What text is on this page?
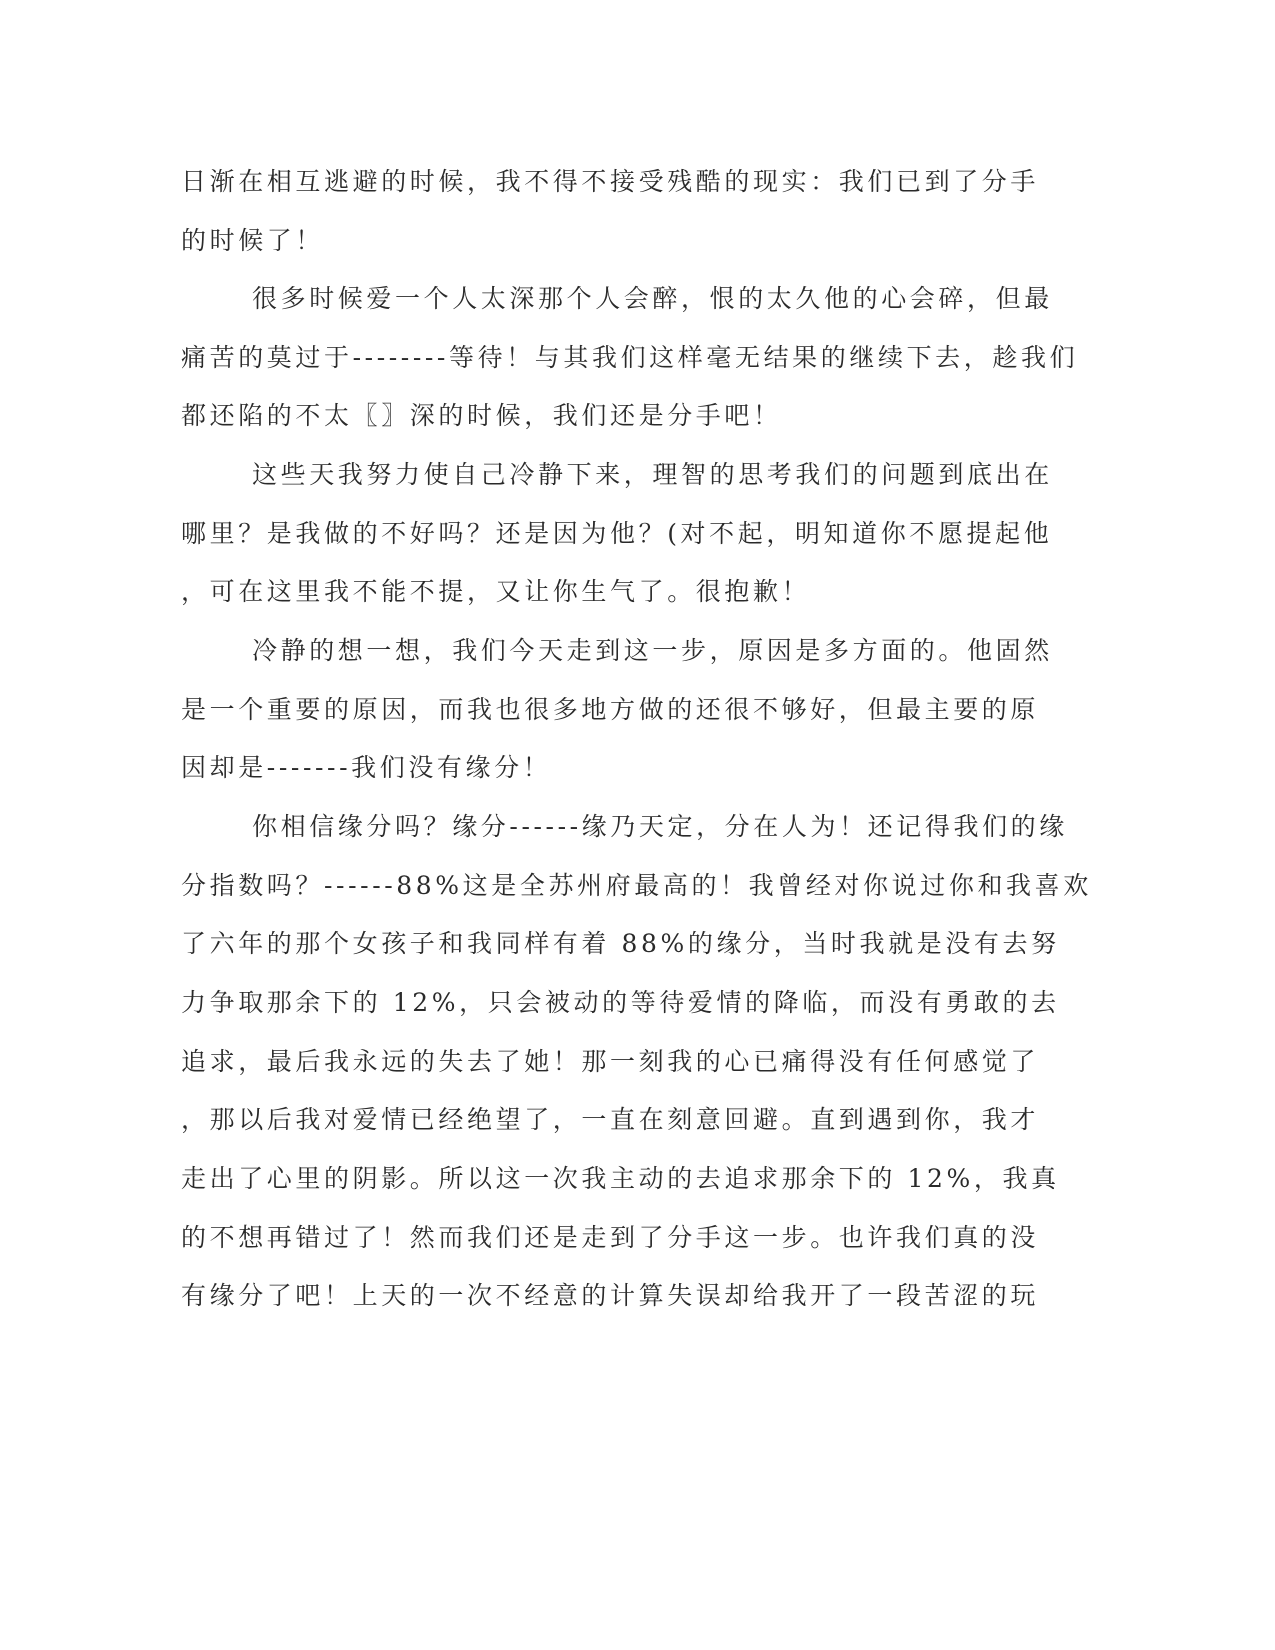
日渐在相互逃避的时候，我不得不接受残酷的现实：我们已到了分手
的时候了！
很多时候爱一个人太深那个人会醉，恨的太久他的心会碎，但最
痛苦的莫过于--------等待！与其我们这样毫无结果的继续下去，趁我们
都还陷的不太〖〗深的时候，我们还是分手吧！
这些天我努力使自己冷静下来，理智的思考我们的问题到底出在
哪里？是我做的不好吗？还是因为他？(对不起，明知道你不愿提起他
，可在这里我不能不提，又让你生气了。很抱歉！
冷静的想一想，我们今天走到这一步，原因是多方面的。他固然
是一个重要的原因，而我也很多地方做的还很不够好，但最主要的原
因却是-------我们没有缘分！
你相信缘分吗？缘分------缘乃天定，分在人为！还记得我们的缘
分指数吗？------88%这是全苏州府最高的！我曾经对你说过你和我喜欢
了六年的那个女孩子和我同样有着 88%的缘分，当时我就是没有去努
力争取那余下的 12%，只会被动的等待爱情的降临，而没有勇敢的去
追求，最后我永远的失去了她！那一刻我的心已痛得没有任何感觉了
，那以后我对爱情已经绝望了，一直在刻意回避。直到遇到你，我才
走出了心里的阴影。所以这一次我主动的去追求那余下的 12%，我真
的不想再错过了！然而我们还是走到了分手这一步。也许我们真的没
有缘分了吧！上天的一次不经意的计算失误却给我开了一段苦涩的玩
